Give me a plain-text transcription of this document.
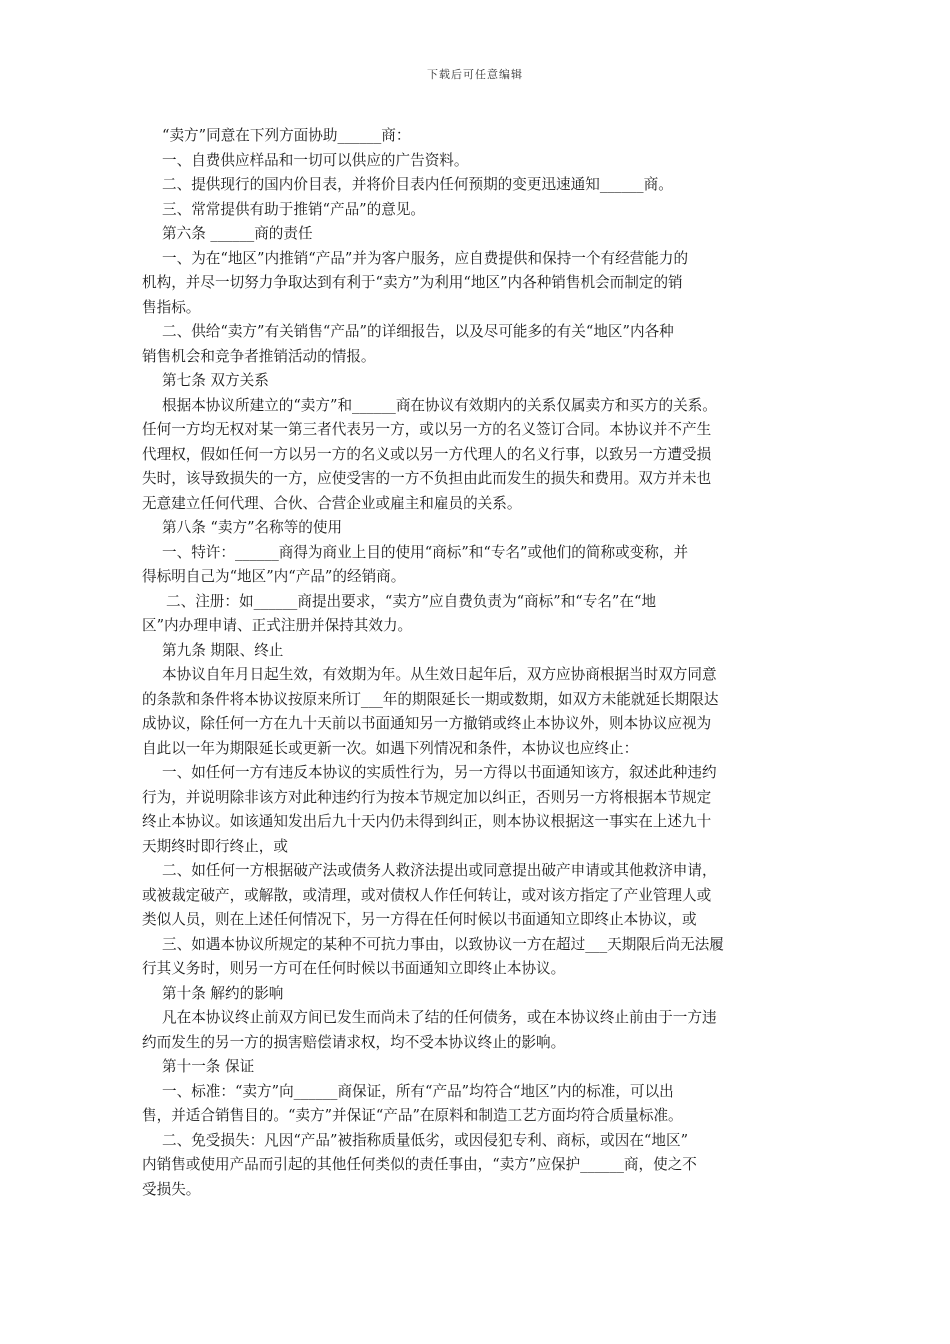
下载后可任意编辑
“卖方”同意在下列方面协助______商：
一、自费供应样品和一切可以供应的广告资料。
二、提供现行的国内价目表，并将价目表内任何预期的变更迅速通知______商。
三、常常提供有助于推销“产品”的意见。
第六条 ______商的责任
一、为在“地区”内推销“产品”并为客户服务，应自费提供和保持一个有经营能力的
机构，并尽一切努力争取达到有利于“卖方”为利用“地区”内各种销售机会而制定的销
售指标。
二、供给“卖方”有关销售“产品”的详细报告，以及尽可能多的有关“地区”内各种
销售机会和竞争者推销活动的情报。
第七条 双方关系
根据本协议所建立的“卖方”和______商在协议有效期内的关系仅属卖方和买方的关系。
任何一方均无权对某一第三者代表另一方，或以另一方的名义签订合同。本协议并不产生
代理权，假如任何一方以另一方的名义或以另一方代理人的名义行事，以致另一方遭受损
失时，该导致损失的一方，应使受害的一方不负担由此而发生的损失和费用。双方并未也
无意建立任何代理、合伙、合营企业或雇主和雇员的关系。
第八条 “卖方”名称等的使用
一、特许：______商得为商业上目的使用“商标”和“专名”或他们的简称或变称，并
得标明自己为“地区”内“产品”的经销商。
二、注册：如______商提出要求，“卖方”应自费负责为“商标”和“专名”在“地
区”内办理申请、正式注册并保持其效力。
第九条 期限、终止
本协议自年月日起生效，有效期为年。从生效日起年后，双方应协商根据当时双方同意
的条款和条件将本协议按原来所订___年的期限延长一期或数期，如双方未能就延长期限达
成协议，除任何一方在九十天前以书面通知另一方撤销或终止本协议外，则本协议应视为
自此以一年为期限延长或更新一次。如遇下列情况和条件，本协议也应终止：
一、如任何一方有违反本协议的实质性行为，另一方得以书面通知该方，叙述此种违约
行为，并说明除非该方对此种违约行为按本节规定加以纠正，否则另一方将根据本节规定
终止本协议。如该通知发出后九十天内仍未得到纠正，则本协议根据这一事实在上述九十
天期终时即行终止，或
二、如任何一方根据破产法或债务人救济法提出或同意提出破产申请或其他救济申请，
或被裁定破产，或解散，或清理，或对债权人作任何转让，或对该方指定了产业管理人或
类似人员，则在上述任何情况下，另一方得在任何时候以书面通知立即终止本协议，或
三、如遇本协议所规定的某种不可抗力事由，以致协议一方在超过___天期限后尚无法履
行其义务时，则另一方可在任何时候以书面通知立即终止本协议。
第十条 解约的影响
凡在本协议终止前双方间已发生而尚未了结的任何债务，或在本协议终止前由于一方违
约而发生的另一方的损害赔偿请求权，均不受本协议终止的影响。
第十一条 保证
一、标准：“卖方”向______商保证，所有“产品”均符合“地区”内的标准，可以出
售，并适合销售目的。“卖方”并保证“产品”在原料和制造工艺方面均符合质量标准。
二、免受损失：凡因“产品”被指称质量低劣，或因侵犯专利、商标，或因在“地区”
内销售或使用产品而引起的其他任何类似的责任事由，“卖方”应保护______商，使之不
受损失。
